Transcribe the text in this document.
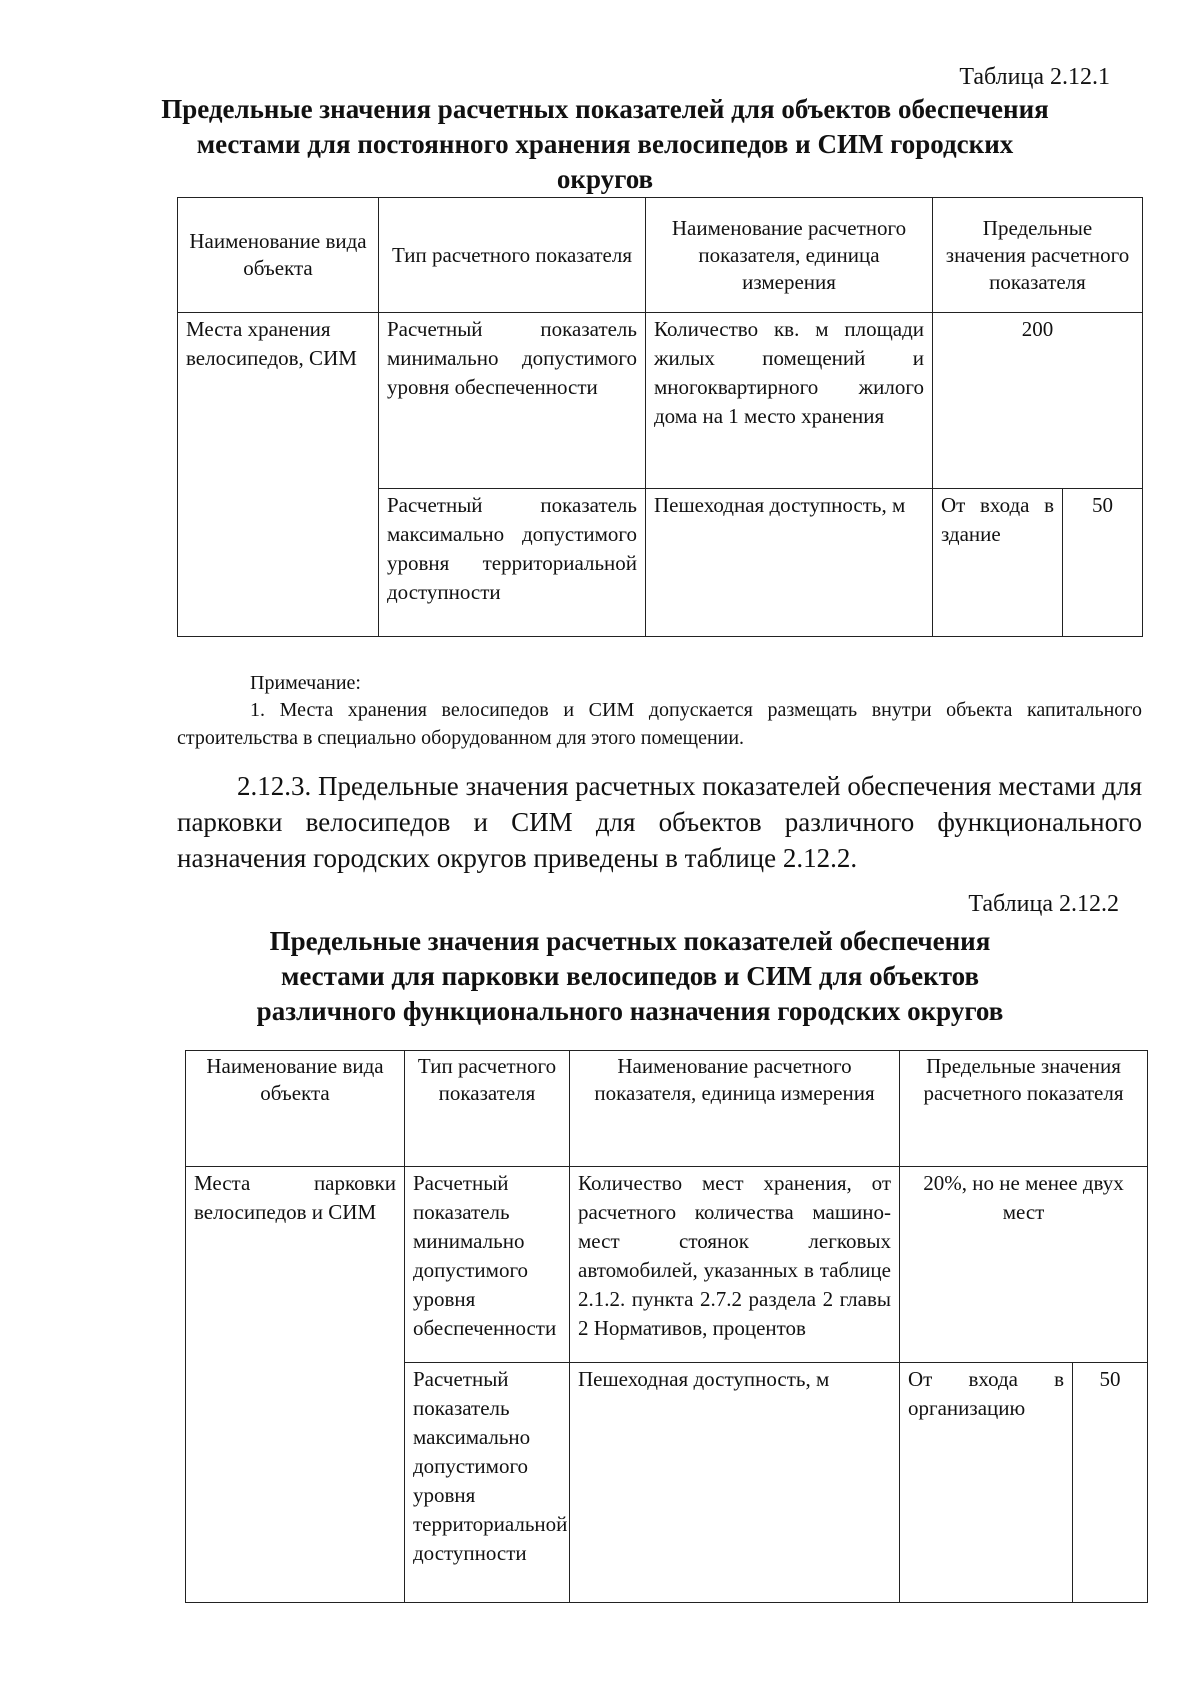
Таблица 2.12.1
Предельные значения расчетных показателей для объектов обеспечения
местами для постоянного хранения велосипедов и СИМ городских
округов
Наименование вида объекта	Тип расчетного показателя	Наименование расчетного показателя, единица измерения	Предельные значения расчетного показателя	
Места хранения велосипедов, СИМ	Расчетный показатель минимально допустимого уровня обеспеченности	Количество кв. м площади жилых помещений и многоквартирного жилого дома на 1 место хранения	200	
	Расчетный показатель максимально допустимого уровня территориальной доступности	Пешеходная доступность, м	От входа в здание	50
Примечание:
1. Места хранения велосипедов и СИМ допускается размещать внутри объекта капитального строительства в специально оборудованном для этого помещении.
2.12.3. Предельные значения расчетных показателей обеспечения местами для парковки велосипедов и СИМ для объектов различного функционального назначения городских округов приведены в таблице 2.12.2.
Таблица 2.12.2
Предельные значения расчетных показателей обеспечения
местами для парковки велосипедов и СИМ для объектов
различного функционального назначения городских округов
Наименование вида объекта	Тип расчетного показателя	Наименование расчетного показателя, единица измерения	Предельные значения расчетного показателя	
Места парковки велосипедов и СИМ	Расчетный показатель минимально допустимого уровня обеспеченности	Количество мест хранения, от расчетного количества машино-мест стоянок легковых автомобилей, указанных в таблице 2.1.2. пункта 2.7.2 раздела 2 главы 2 Нормативов, процентов	20%, но не менее двух мест	
	Расчетный показатель максимально допустимого уровня территориальной доступности	Пешеходная доступность, м	От входа в организацию	50
